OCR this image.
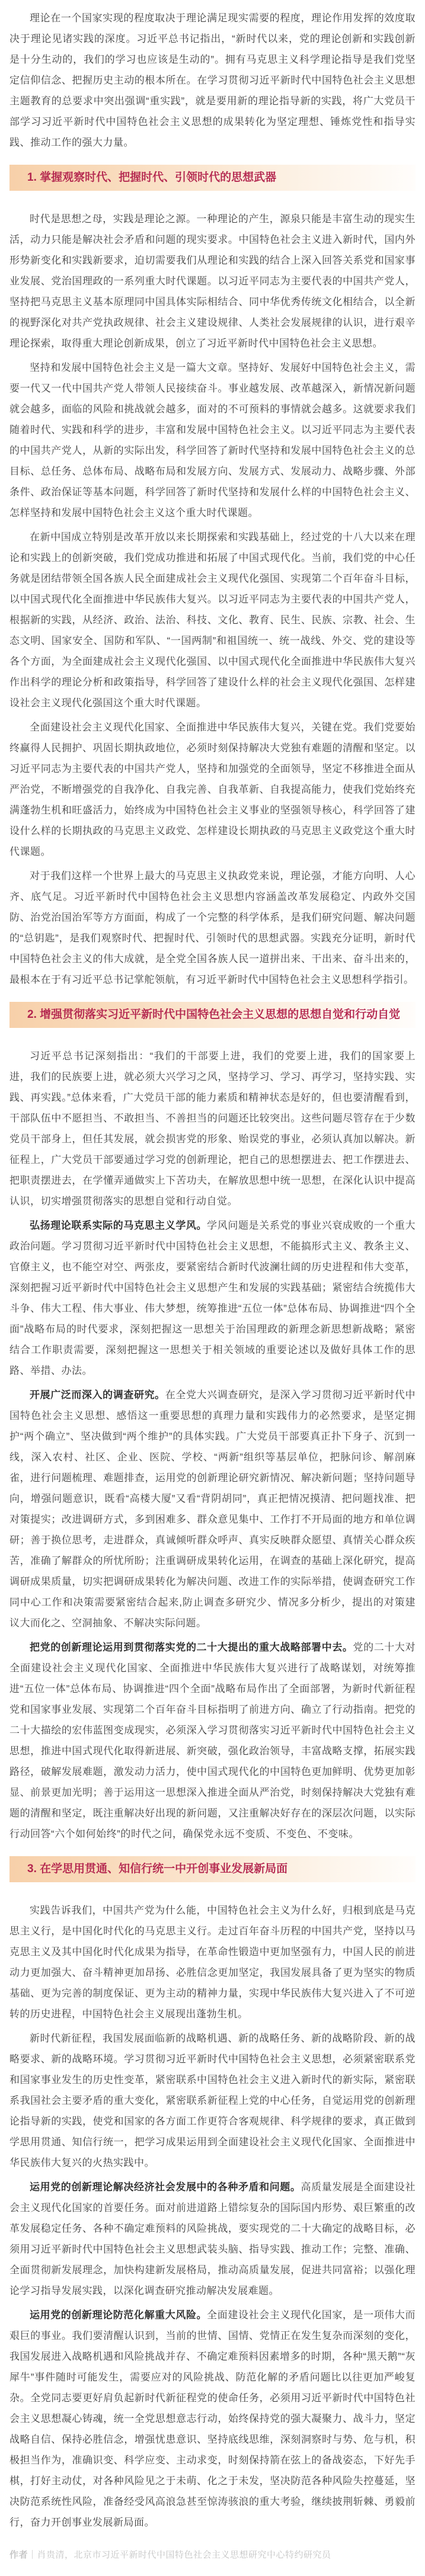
理论在一个国家实现的程度取决于理论满足现实需要的程度，理论作用发挥的效度取决于理论见诸实践的深度。习近平总书记指出，“新时代以来，党的理论创新和实践创新是十分生动的，我们的学习也应该是生动的”。拥有马克思主义科学理论指导是我们党坚定信仰信念、把握历史主动的根本所在。在学习贯彻习近平新时代中国特色社会主义思想主题教育的总要求中突出强调“重实践”，就是要用新的理论指导新的实践，将广大党员干部学习习近平新时代中国特色社会主义思想的成果转化为坚定理想、锤炼党性和指导实践、推动工作的强大力量。

1. 掌握观察时代、把握时代、引领时代的思想武器

时代是思想之母，实践是理论之源。一种理论的产生，源泉只能是丰富生动的现实生活，动力只能是解决社会矛盾和问题的现实要求。中国特色社会主义进入新时代，国内外形势新变化和实践新要求，迫切需要我们从理论和实践的结合上深入回答关系党和国家事业发展、党治国理政的一系列重大时代课题。以习近平同志为主要代表的中国共产党人，坚持把马克思主义基本原理同中国具体实际相结合、同中华优秀传统文化相结合，以全新的视野深化对共产党执政规律、社会主义建设规律、人类社会发展规律的认识，进行艰辛理论探索，取得重大理论创新成果，创立了习近平新时代中国特色社会主义思想。

坚持和发展中国特色社会主义是一篇大文章。坚持好、发展好中国特色社会主义，需要一代又一代中国共产党人带领人民接续奋斗。事业越发展、改革越深入，新情况新问题就会越多，面临的风险和挑战就会越多，面对的不可预料的事情就会越多。这就要求我们随着时代、实践和科学的进步，丰富和发展中国特色社会主义。以习近平同志为主要代表的中国共产党人，从新的实际出发，科学回答了新时代坚持和发展中国特色社会主义的总目标、总任务、总体布局、战略布局和发展方向、发展方式、发展动力、战略步骤、外部条件、政治保证等基本问题，科学回答了新时代坚持和发展什么样的中国特色社会主义、怎样坚持和发展中国特色社会主义这个重大时代课题。

在新中国成立特别是改革开放以来长期探索和实践基础上，经过党的十八大以来在理论和实践上的创新突破，我们党成功推进和拓展了中国式现代化。当前，我们党的中心任务就是团结带领全国各族人民全面建成社会主义现代化强国、实现第二个百年奋斗目标，以中国式现代化全面推进中华民族伟大复兴。以习近平同志为主要代表的中国共产党人，根据新的实践，从经济、政治、法治、科技、文化、教育、民生、民族、宗教、社会、生态文明、国家安全、国防和军队、“一国两制”和祖国统一、统一战线、外交、党的建设等各个方面，为全面建成社会主义现代化强国、以中国式现代化全面推进中华民族伟大复兴作出科学的理论分析和政策指导，科学回答了建设什么样的社会主义现代化强国、怎样建设社会主义现代化强国这个重大时代课题。

全面建设社会主义现代化国家、全面推进中华民族伟大复兴，关键在党。我们党要始终赢得人民拥护、巩固长期执政地位，必须时刻保持解决大党独有难题的清醒和坚定。以习近平同志为主要代表的中国共产党人，坚持和加强党的全面领导，坚定不移推进全面从严治党，不断增强党的自我净化、自我完善、自我革新、自我提高能力，使我们党始终充满蓬勃生机和旺盛活力，始终成为中国特色社会主义事业的坚强领导核心，科学回答了建设什么样的长期执政的马克思主义政党、怎样建设长期执政的马克思主义政党这个重大时代课题。

对于我们这样一个世界上最大的马克思主义执政党来说，理论强，才能方向明、人心齐、底气足。习近平新时代中国特色社会主义思想内容涵盖改革发展稳定、内政外交国防、治党治国治军等方方面面，构成了一个完整的科学体系，是我们研究问题、解决问题的“总钥匙”，是我们观察时代、把握时代、引领时代的思想武器。实践充分证明，新时代中国特色社会主义的伟大成就，是全党全国各族人民一道拼出来、干出来、奋斗出来的，最根本在于有习近平总书记掌舵领航，有习近平新时代中国特色社会主义思想科学指引。

2. 增强贯彻落实习近平新时代中国特色社会主义思想的思想自觉和行动自觉

习近平总书记深刻指出：“我们的干部要上进，我们的党要上进，我们的国家要上进，我们的民族要上进，就必须大兴学习之风，坚持学习、学习、再学习，坚持实践、实践、再实践。”总体来看，广大党员干部的能力素质和精神状态是好的，但也要清醒看到，干部队伍中不愿担当、不敢担当、不善担当的问题还比较突出。这些问题尽管存在于少数党员干部身上，但任其发展，就会损害党的形象、贻误党的事业，必须认真加以解决。新征程上，广大党员干部要通过学习党的创新理论，把自己的思想摆进去、把工作摆进去、把职责摆进去，在学懂弄通做实上下苦功夫，在解放思想中统一思想，在深化认识中提高认识，切实增强贯彻落实的思想自觉和行动自觉。

弘扬理论联系实际的马克思主义学风。学风问题是关系党的事业兴衰成败的一个重大政治问题。学习贯彻习近平新时代中国特色社会主义思想，不能搞形式主义、教条主义、官僚主义，也不能空对空、两张皮，要紧密结合新时代波澜壮阔的历史进程和伟大变革，深刻把握习近平新时代中国特色社会主义思想产生和发展的实践基础；紧密结合统揽伟大斗争、伟大工程、伟大事业、伟大梦想，统筹推进“五位一体”总体布局、协调推进“四个全面”战略布局的时代要求，深刻把握这一思想关于治国理政的新理念新思想新战略；紧密结合工作职责需要，深刻把握这一思想关于相关领域的重要论述以及做好具体工作的思路、举措、办法。

开展广泛而深入的调查研究。在全党大兴调查研究，是深入学习贯彻习近平新时代中国特色社会主义思想、感悟这一重要思想的真理力量和实践伟力的必然要求，是坚定拥护“两个确立”、坚决做到“两个维护”的具体实践。广大党员干部要真正扑下身子、沉到一线，深入农村、社区、企业、医院、学校、“两新”组织等基层单位，把脉问诊、解剖麻雀，进行问题梳理、难题排查，运用党的创新理论研究新情况、解决新问题；坚持问题导向，增强问题意识，既看“高楼大厦”又看“背阴胡同”，真正把情况摸清、把问题找准、把对策提实；改进调研方式，多到困难多、群众意见集中、工作打不开局面的地方和单位调研；善于换位思考，走进群众，真诚倾听群众呼声、真实反映群众愿望、真情关心群众疾苦，准确了解群众的所忧所盼；注重调研成果转化运用，在调查的基础上深化研究，提高调研成果质量，切实把调研成果转化为解决问题、改进工作的实际举措，使调查研究工作同中心工作和决策需要紧密结合起来,防止调查多研究少、情况多分析少，提出的对策建议大而化之、空洞抽象、不解决实际问题。

把党的创新理论运用到贯彻落实党的二十大提出的重大战略部署中去。党的二十大对全面建设社会主义现代化国家、全面推进中华民族伟大复兴进行了战略谋划，对统筹推进“五位一体”总体布局、协调推进“四个全面”战略布局作出了全面部署，为新时代新征程党和国家事业发展、实现第二个百年奋斗目标指明了前进方向、确立了行动指南。把党的二十大描绘的宏伟蓝图变成现实，必须深入学习贯彻落实习近平新时代中国特色社会主义思想，推进中国式现代化取得新进展、新突破，强化政治领导，丰富战略支撑，拓展实践路径，破解发展难题，激发动力活力，使中国式现代化的中国特色更加鲜明、优势更加彰显、前景更加光明；善于运用这一思想深入推进全面从严治党，时刻保持解决大党独有难题的清醒和坚定，既注重解决好出现的新问题，又注重解决好存在的深层次问题，以实际行动回答“六个如何始终”的时代之问，确保党永远不变质、不变色、不变味。

3. 在学思用贯通、知信行统一中开创事业发展新局面

实践告诉我们，中国共产党为什么能，中国特色社会主义为什么好，归根到底是马克思主义行，是中国化时代化的马克思主义行。走过百年奋斗历程的中国共产党，坚持以马克思主义及其中国化时代化成果为指导，在革命性锻造中更加坚强有力，中国人民的前进动力更加强大、奋斗精神更加昂扬、必胜信念更加坚定，我国发展具备了更为坚实的物质基础、更为完善的制度保证、更为主动的精神力量，实现中华民族伟大复兴进入了不可逆转的历史进程，中国特色社会主义展现出蓬勃生机。

新时代新征程，我国发展面临新的战略机遇、新的战略任务、新的战略阶段、新的战略要求、新的战略环境。学习贯彻习近平新时代中国特色社会主义思想，必须紧密联系党和国家事业发生的历史性变革，紧密联系中国特色社会主义进入新时代的新实际，紧密联系我国社会主要矛盾的重大变化，紧密联系新征程上党的中心任务，自觉运用党的创新理论指导新的实践，使党和国家的各方面工作更符合客观规律、科学规律的要求，真正做到学思用贯通、知信行统一，把学习成果运用到全面建设社会主义现代化国家、全面推进中华民族伟大复兴的火热实践中。

运用党的创新理论解决经济社会发展中的各种矛盾和问题。高质量发展是全面建设社会主义现代化国家的首要任务。面对前进道路上错综复杂的国际国内形势、艰巨繁重的改革发展稳定任务、各种不确定难预料的风险挑战，要实现党的二十大确定的战略目标，必须用习近平新时代中国特色社会主义思想武装头脑、指导实践、推动工作；完整、准确、全面贯彻新发展理念，加快构建新发展格局，推动高质量发展，促进共同富裕；以强化理论学习指导发展实践，以深化调查研究推动解决发展难题。

运用党的创新理论防范化解重大风险。全面建设社会主义现代化国家，是一项伟大而艰巨的事业。我们要清醒认识到，当前的世情、国情、党情正在发生复杂而深刻的变化，我国发展进入战略机遇和风险挑战并存、不确定难预料因素增多的时期，各种“黑天鹅”“灰犀牛”事件随时可能发生，需要应对的风险挑战、防范化解的矛盾问题比以往更加严峻复杂。全党同志要更好肩负起新时代新征程党的使命任务，必须用习近平新时代中国特色社会主义思想凝心铸魂，统一全党思想意志行动，始终保持党的强大凝聚力、战斗力，坚定战略自信、保持必胜信念，增强忧患意识、坚持底线思维，深刻洞察时与势、危与机，积极担当作为，准确识变、科学应变、主动求变，时刻保持箭在弦上的备战姿态，下好先手棋，打好主动仗，对各种风险见之于未萌、化之于未发，坚决防范各种风险失控蔓延，坚决防范系统性风险，准备经受风高浪急甚至惊涛骇浪的重大考验，继续披荆斩棘、勇毅前行，奋力开创事业发展新局面。

作者｜肖贵清，北京市习近平新时代中国特色社会主义思想研究中心特约研究员
